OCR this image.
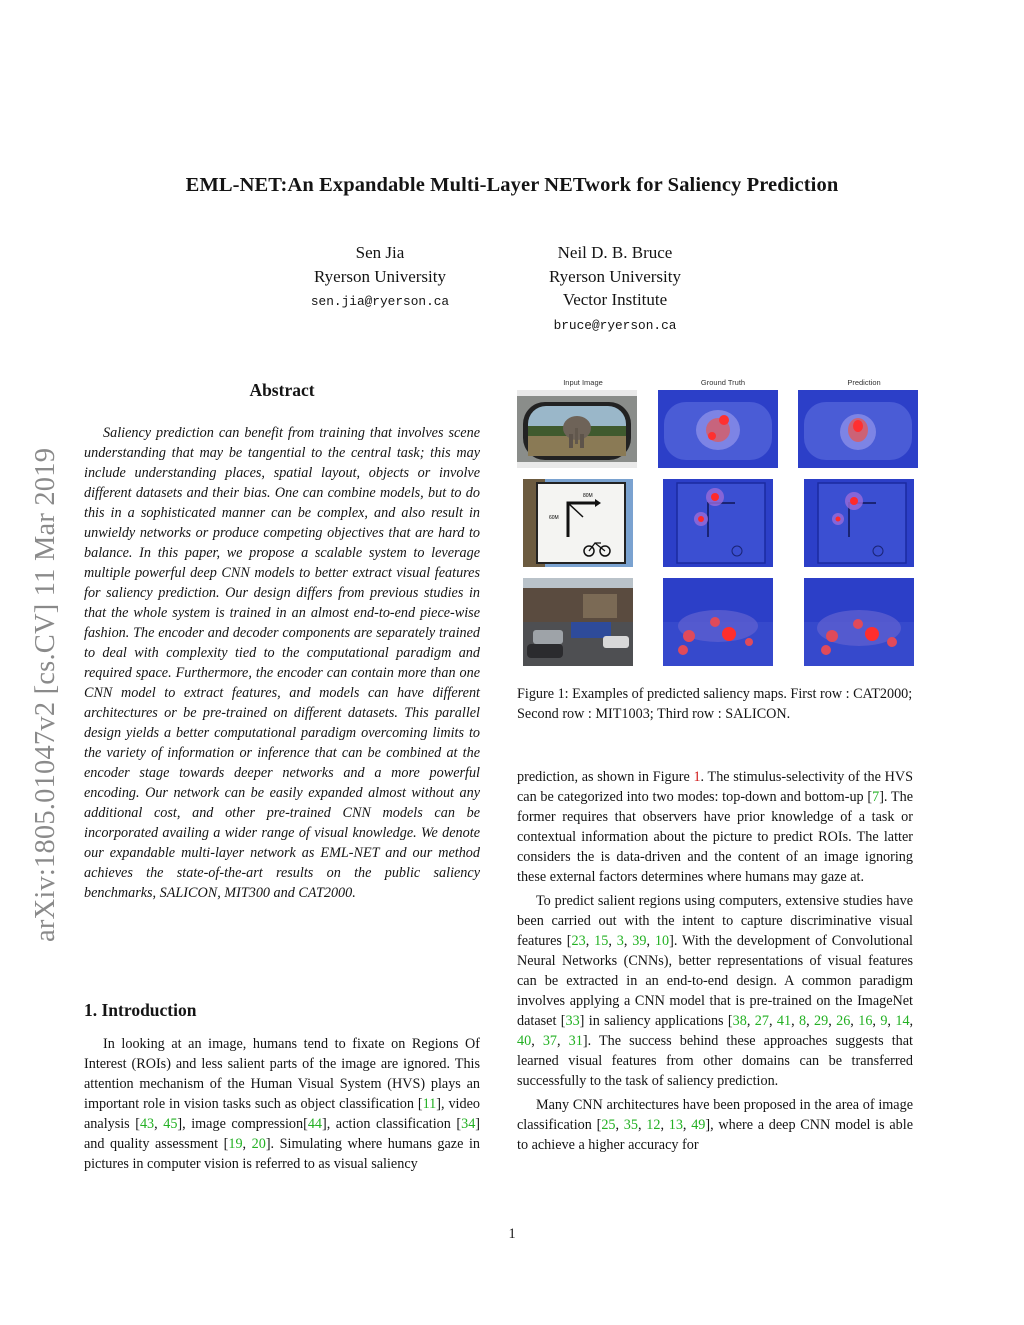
arXiv:1805.01047v2 [cs.CV] 11 Mar 2019
EML-NET:An Expandable Multi-Layer NETwork for Saliency Prediction
Sen Jia
Ryerson University
sen.jia@ryerson.ca
Neil D. B. Bruce
Ryerson University
Vector Institute
bruce@ryerson.ca
Abstract
Saliency prediction can benefit from training that involves scene understanding that may be tangential to the central task; this may include understanding places, spatial layout, objects or involve different datasets and their bias. One can combine models, but to do this in a sophisticated manner can be complex, and also result in unwieldy networks or produce competing objectives that are hard to balance. In this paper, we propose a scalable system to leverage multiple powerful deep CNN models to better extract visual features for saliency prediction. Our design differs from previous studies in that the whole system is trained in an almost end-to-end piece-wise fashion. The encoder and decoder components are separately trained to deal with complexity tied to the computational paradigm and required space. Furthermore, the encoder can contain more than one CNN model to extract features, and models can have different architectures or be pre-trained on different datasets. This parallel design yields a better computational paradigm overcoming limits to the variety of information or inference that can be combined at the encoder stage towards deeper networks and a more powerful encoding. Our network can be easily expanded almost without any additional cost, and other pre-trained CNN models can be incorporated availing a wider range of visual knowledge. We denote our expandable multi-layer network as EML-NET and our method achieves the state-of-the-art results on the public saliency benchmarks, SALICON, MIT300 and CAT2000.
1. Introduction
In looking at an image, humans tend to fixate on Regions Of Interest (ROIs) and less salient parts of the image are ignored. This attention mechanism of the Human Visual System (HVS) plays an important role in vision tasks such as object classification [11], video analysis [43, 45], image compression[44], action classification [34] and quality assessment [19, 20]. Simulating where humans gaze in pictures in computer vision is referred to as visual saliency
Input Image	Ground Truth	Prediction
80M
60M
Figure 1: Examples of predicted saliency maps. First row : CAT2000; Second row : MIT1003; Third row : SALICON.

prediction, as shown in Figure 1. The stimulus-selectivity of the HVS can be categorized into two modes: top-down and bottom-up [7]. The former requires that observers have prior knowledge of a task or contextual information about the picture to predict ROIs. The latter considers the is data-driven and the content of an image ignoring these external factors determines where humans may gaze at.

To predict salient regions using computers, extensive studies have been carried out with the intent to capture discriminative visual features [23, 15, 3, 39, 10]. With the development of Convolutional Neural Networks (CNNs), better representations of visual features can be extracted in an end-to-end design. A common paradigm involves applying a CNN model that is pre-trained on the ImageNet dataset [33] in saliency applications [38, 27, 41, 8, 29, 26, 16, 9, 14, 40, 37, 31]. The success behind these approaches suggests that learned visual features from other domains can be transferred successfully to the task of saliency prediction.

Many CNN architectures have been proposed in the area of image classification [25, 35, 12, 13, 49], where a deep CNN model is able to achieve a higher accuracy for

1
